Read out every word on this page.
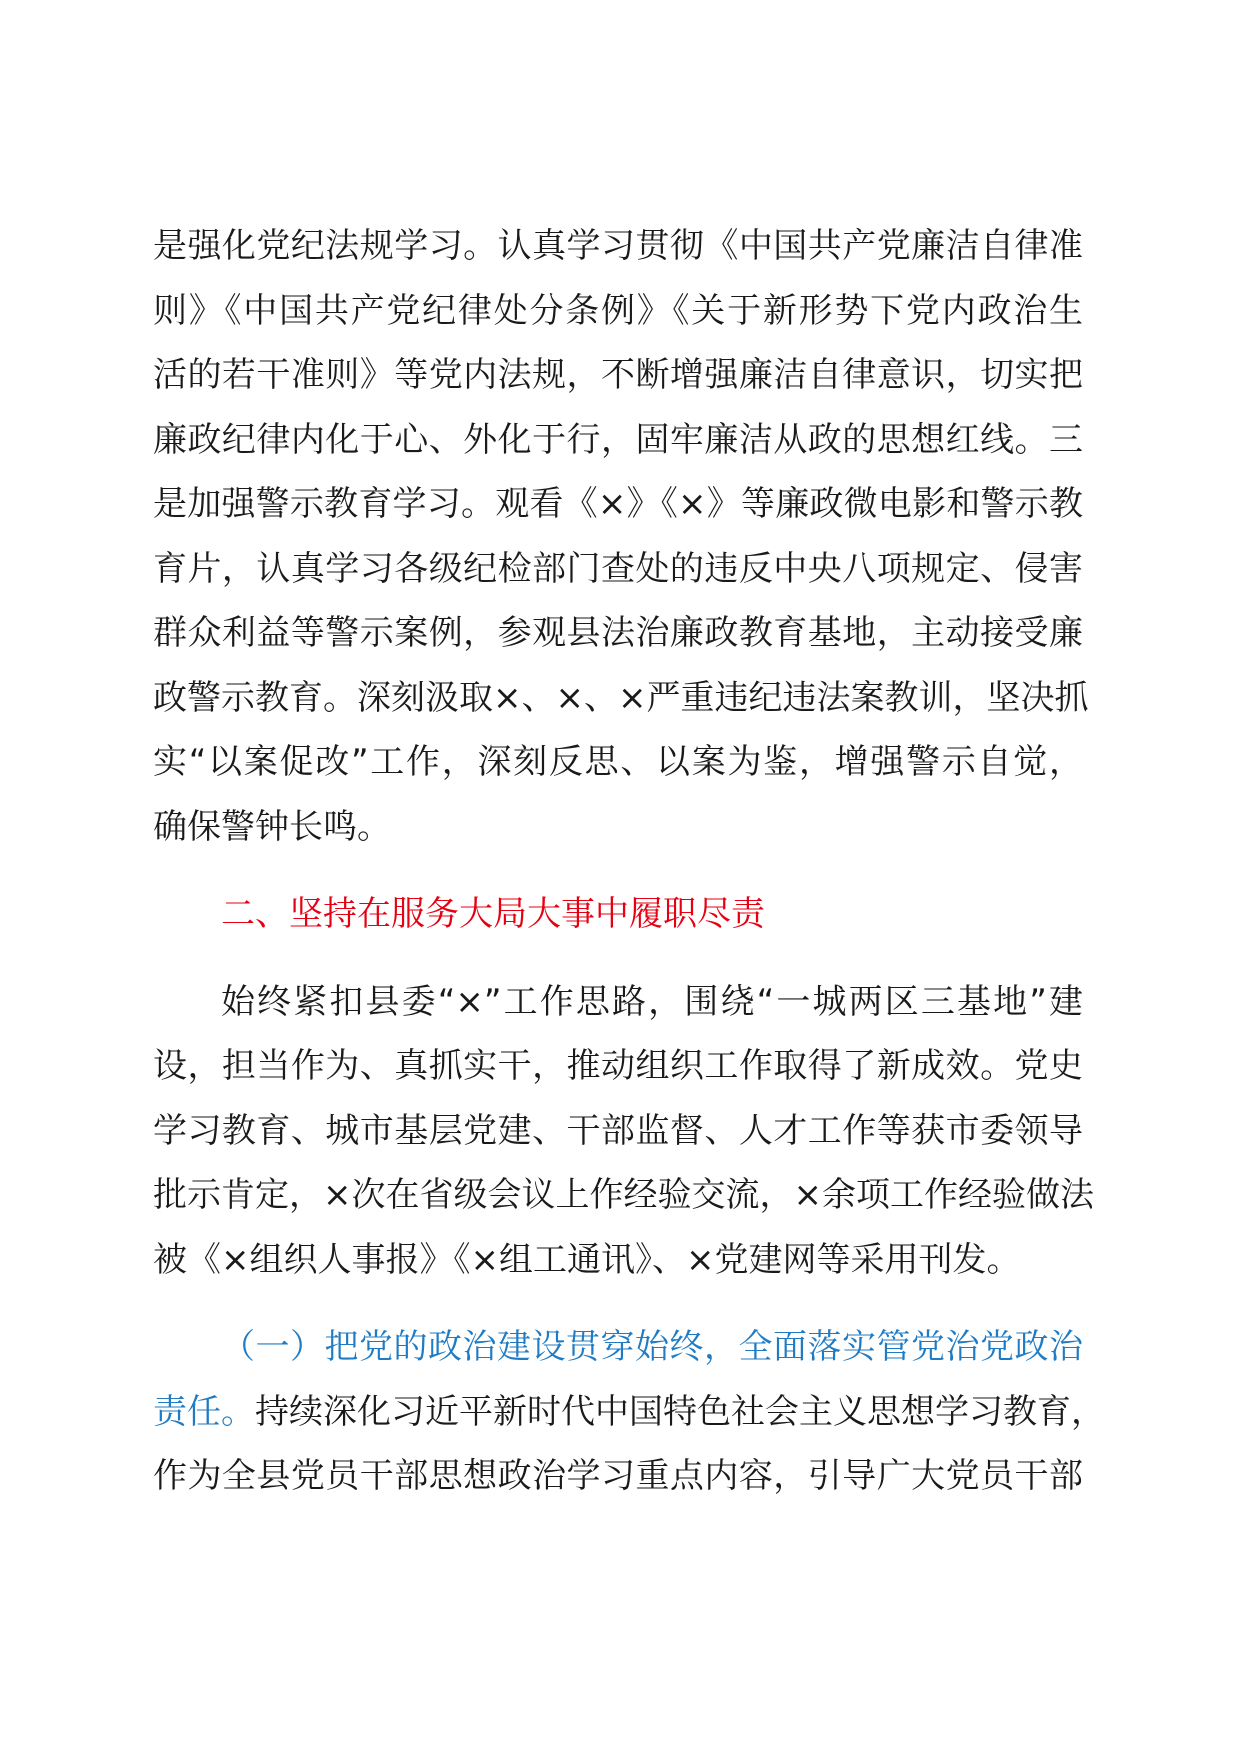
是强化党纪法规学习。认真学习贯彻《中国共产党廉洁自律准
则》《中国共产党纪律处分条例》《关于新形势下党内政治生
活的若干准则》等党内法规，不断增强廉洁自律意识，切实把
廉政纪律内化于心、外化于行，固牢廉洁从政的思想红线。三
是加强警示教育学习。观看《×》《×》等廉政微电影和警示教
育片，认真学习各级纪检部门查处的违反中央八项规定、侵害
群众利益等警示案例，参观县法治廉政教育基地，主动接受廉
政警示教育。深刻汲取×、×、×严重违纪违法案教训，坚决抓
实“以案促改”工作，深刻反思、以案为鉴，增强警示自觉，
确保警钟长鸣。
二、坚持在服务大局大事中履职尽责
始终紧扣县委“×”工作思路，围绕“一城两区三基地”建
设，担当作为、真抓实干，推动组织工作取得了新成效。党史
学习教育、城市基层党建、干部监督、人才工作等获市委领导
批示肯定，×次在省级会议上作经验交流，×余项工作经验做法
被《×组织人事报》《×组工通讯》、×党建网等采用刊发。
（一）把党的政治建设贯穿始终，全面落实管党治党政治
责任。持续深化习近平新时代中国特色社会主义思想学习教育，
作为全县党员干部思想政治学习重点内容，引导广大党员干部
